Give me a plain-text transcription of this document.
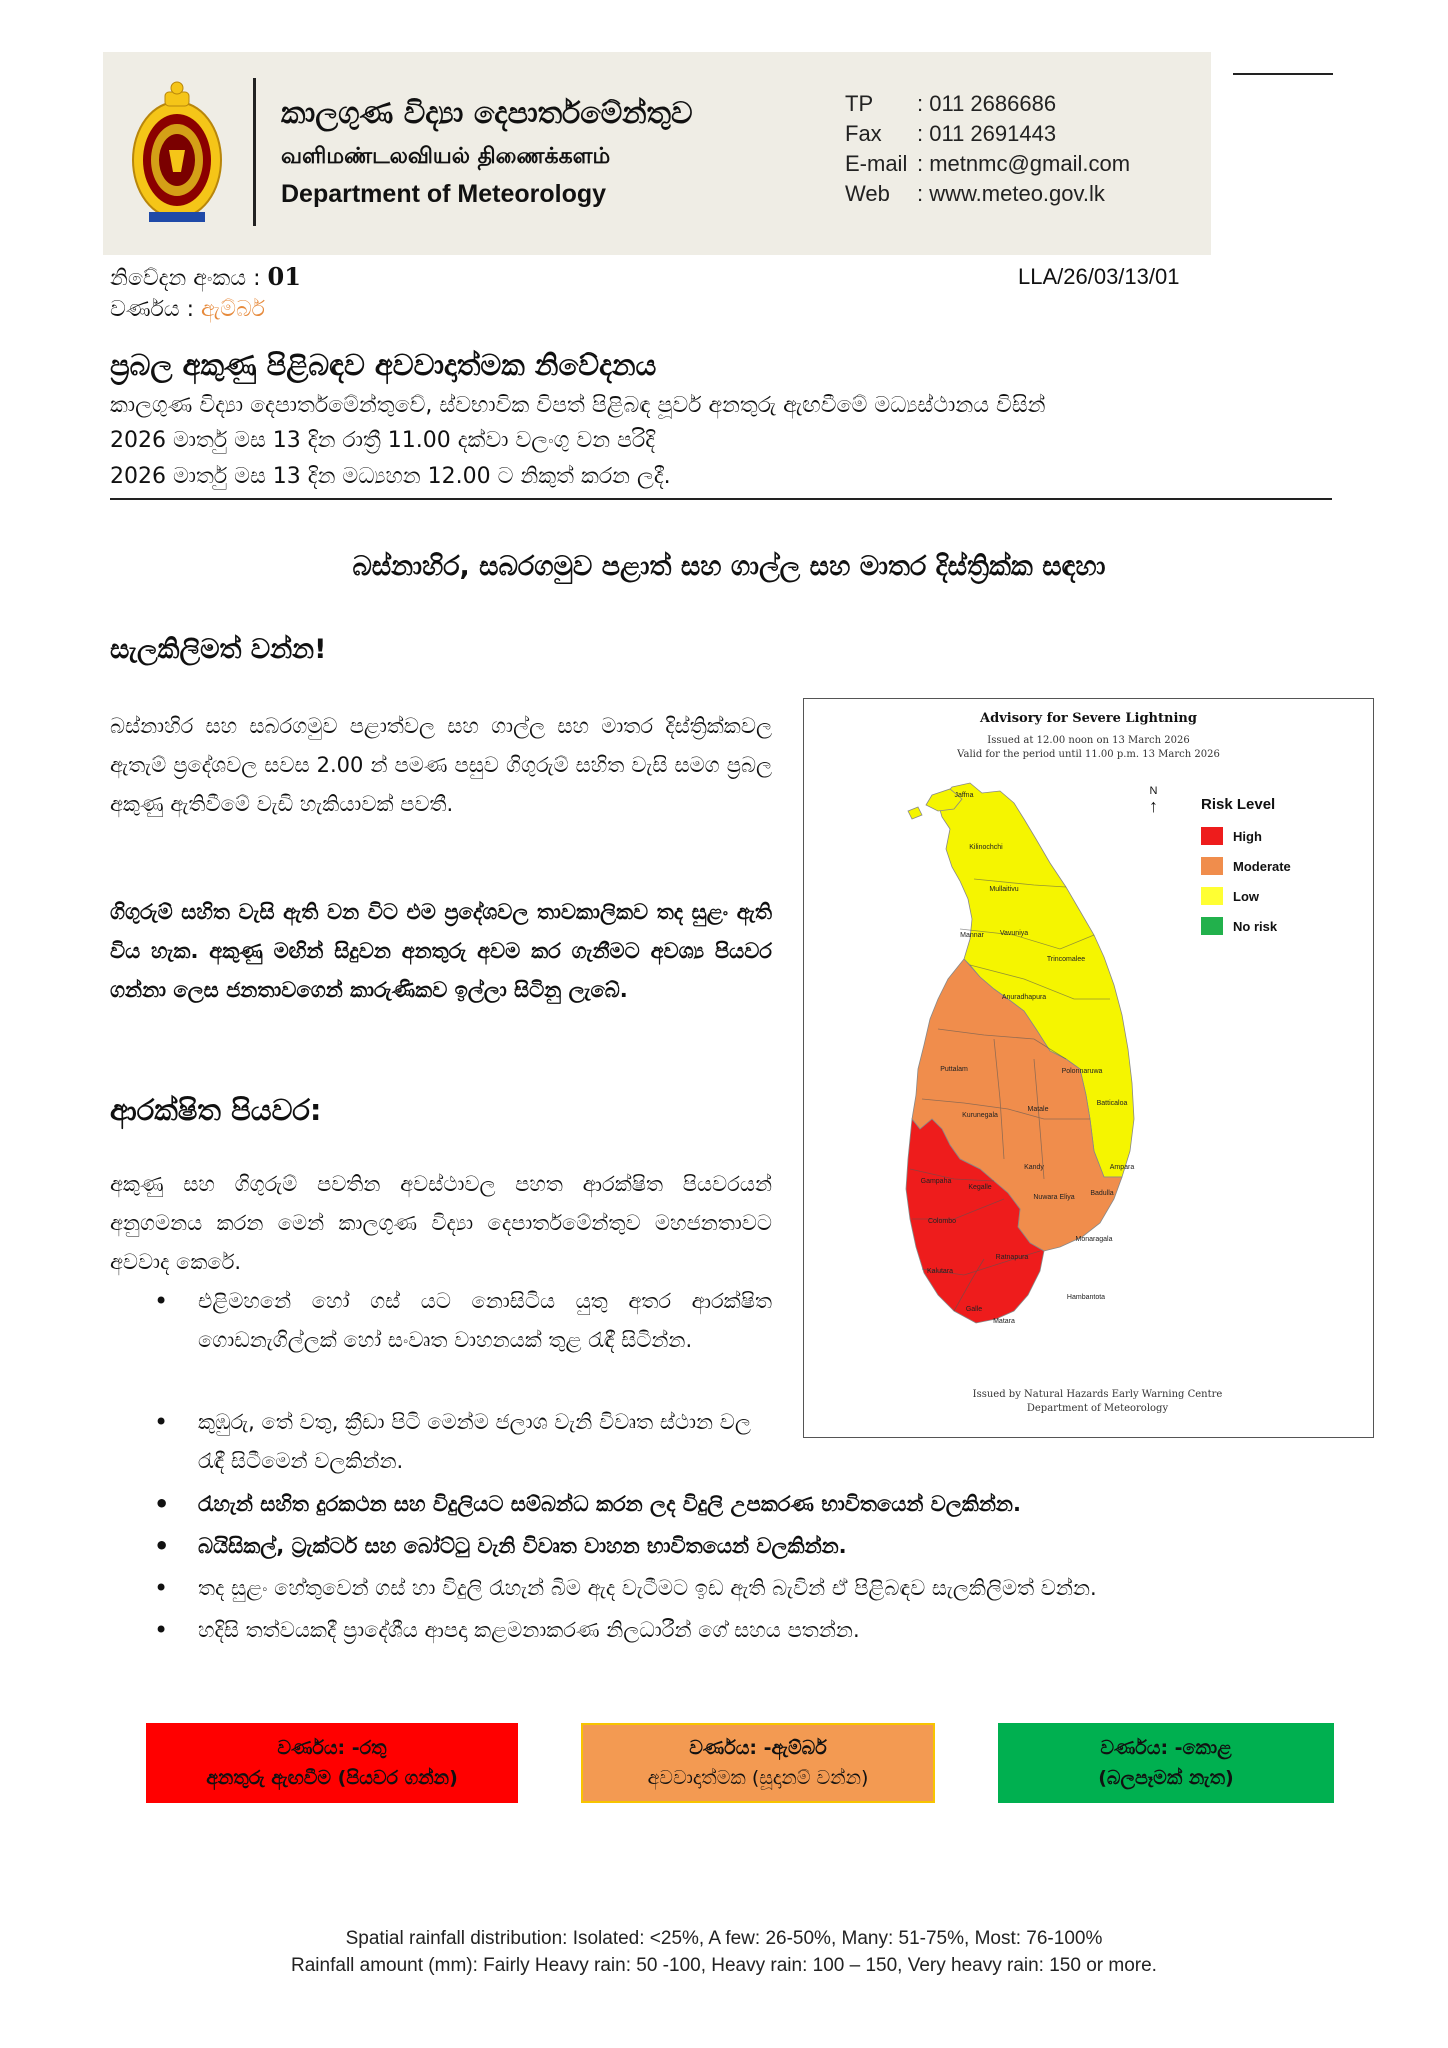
කාලගුණ විද්‍යා දෙපාර්තමේන්තුව
வளிமண்டலவியல் திணைக்களம்
Department of Meteorology
TP	: 011 2686686
Fax	: 011 2691443
E-mail : metnmc@gmail.com
Web	: www.meteo.gov.lk
නිවේදන අංකය : 01	LLA/26/03/13/01
වර්ණය : ඇම්බර්
ප්‍රබල අකුණු පිළිබඳව අවවාදාත්මක නිවේදනය
කාලගුණ විද්‍යා දෙපාර්තමේන්තුවේ, ස්වභාවික විපත් පිළිබඳ පූර්ව අනතුරු ඇඟවීමේ මධ්‍යස්ථානය විසින්
2026 මාර්තු මස 13 දින රාත්‍රී 11.00 දක්වා වලංගු වන පරිදි
2026 මාර්තු මස 13 දින මධ්‍යහන 12.00 ට නිකුත් කරන ලදී.
බස්නාහිර, සබරගමුව පළාත් සහ ගාල්ල සහ මාතර දිස්ත්‍රික්ක සඳහා
සැලකිලිමත් වන්න!
බස්නාහිර සහ සබරගමුව පළාත්වල සහ ගාල්ල සහ මාතර දිස්ත්‍රික්කවල ඇතැම් ප්‍රදේශවල සවස 2.00 න් පමණ පසුව ගිගුරුම් සහිත වැසි සමග ප්‍රබල අකුණු ඇතිවීමේ වැඩි හැකියාවක් පවතී.
ගිගුරුම් සහිත වැසි ඇති වන විට එම ප්‍රදේශවල තාවකාලිකව තද සුළං ඇති විය හැක. අකුණු මඟින් සිදුවන අනතුරු අවම කර ගැනීමට අවශ්‍ය පියවර ගන්නා ලෙස ජනතාවගෙන් කාරුණිකව ඉල්ලා සිටිනු ලැබේ.
ආරක්ෂිත පියවර:
අකුණු සහ ගිගුරුම් පවතින අවස්ථාවල පහත ආරක්ෂිත පියවරයන් අනුගමනය කරන මෙන් කාලගුණ විද්‍යා දෙපාර්තමේන්තුව මහජනතාවට අවවාද කෙරේ.
• එළිමහනේ හෝ ගස් යට නොසිටිය යුතු අතර ආරක්ෂිත ගොඩනැගිල්ලක් හෝ සංවෘත වාහනයක් තුළ රැඳී සිටින්න.
• කුඹුරු, තේ වතු, ක්‍රීඩා පිටි මෙන්ම ජලාශ වැනි විවෘත ස්ථාන වල රැඳී සිටීමෙන් වලකින්න.
• රැහැන් සහිත දුරකථන සහ විදුලියට සම්බන්ධ කරන ලද විදුලි උපකරණ භාවිතයෙන් වලකින්න.
• බයිසිකල්, ට්‍රැක්ටර් සහ බෝට්ටු වැනි විවෘත වාහන භාවිතයෙන් වලකින්න.
• තද සුළං හේතුවෙන් ගස් හා විදුලි රැහැන් බිම ඇද වැටීමට ඉඩ ඇති බැවින් ඒ පිළිබඳව සැලකිලිමත් වන්න.
• හදිසි තත්වයකදී ප්‍රාදේශීය ආපදා කළමනාකරණ නිලධාරීන් ගේ සහය පතන්න.
Jaffna
Kilinochchi
Mullaitivu
Mannar Vavuniya
Trincomalee
Anuradhapura
Puttalam	Polonnaruwa
Batticaloa
Kurunegala
Matale
Kandy	Ampara
Gampaha
Kegalle
Nuwara Eliya
Badulla
Colombo
Monaragala
Kalutara
Ratnapura
Hambantota
Galle
Matara
Advisory for Severe Lightning
Issued at 12.00 noon on 13 March 2026
Valid for the period until 11.00 p.m. 13 March 2026
N
↑	Risk Level
High
Moderate
Low
No risk
Issued by Natural Hazards Early Warning Centre
Department of Meteorology
වර්ණය: -රතු
අනතුරු ඇඟවීම (පියවර ගන්න)
වර්ණය: -ඇම්බර්
අවවාදාත්මක (සූදානම් වන්න)
වර්ණය: -කොළ
(බලපෑමක් නැත)
Spatial rainfall distribution: Isolated: <25%, A few: 26-50%, Many: 51-75%, Most: 76-100%
Rainfall amount (mm): Fairly Heavy rain: 50 -100, Heavy rain: 100 – 150, Very heavy rain: 150 or more.
